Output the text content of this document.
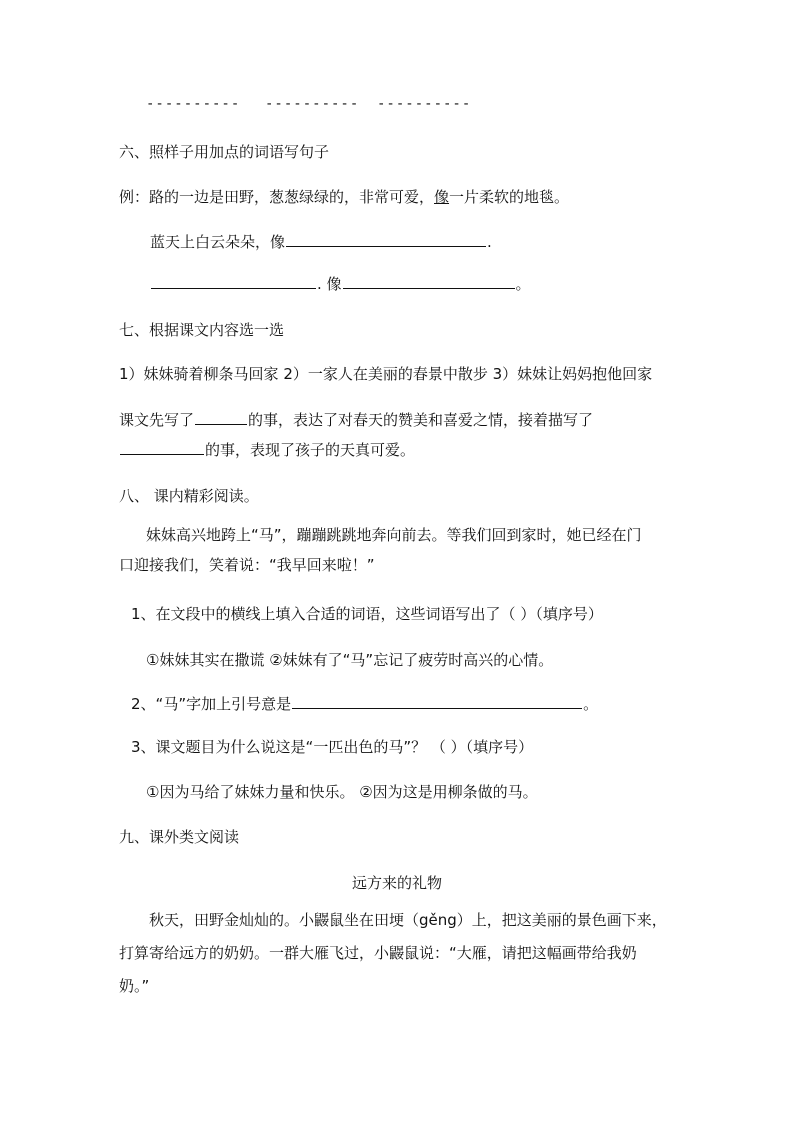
---------- ---------- ----------
六、照样子用加点的词语写句子
例：路的一边是田野，葱葱绿绿的，非常可爱，像一片柔软的地毯。
蓝天上白云朵朵，像	.
. 像	。
七、根据课文内容选一选
1）妹妹骑着柳条马回家 2）一家人在美丽的春景中散步 3）妹妹让妈妈抱他回家
课文先写了	的事，表达了对春天的赞美和喜爱之情，接着描写了
的事，表现了孩子的天真可爱。
八、 课内精彩阅读。
妹妹高兴地跨上“马”，蹦蹦跳跳地奔向前去。等我们回到家时，她已经在门
口迎接我们，笑着说：“我早回来啦！”
1、在文段中的横线上填入合适的词语，这些词语写出了（ ）（填序号）
①妹妹其实在撒谎 ②妹妹有了“马”忘记了疲劳时高兴的心情。
2、“马”字加上引号意是	。
3、课文题目为什么说这是“一匹出色的马”？ （ ）（填序号）
①因为马给了妹妹力量和快乐。 ②因为这是用柳条做的马。
九、课外类文阅读
远方来的礼物
秋天，田野金灿灿的。小鼹鼠坐在田埂（gěng）上，把这美丽的景色画下来，
打算寄给远方的奶奶。一群大雁飞过，小鼹鼠说：“大雁，请把这幅画带给我奶
奶。”
